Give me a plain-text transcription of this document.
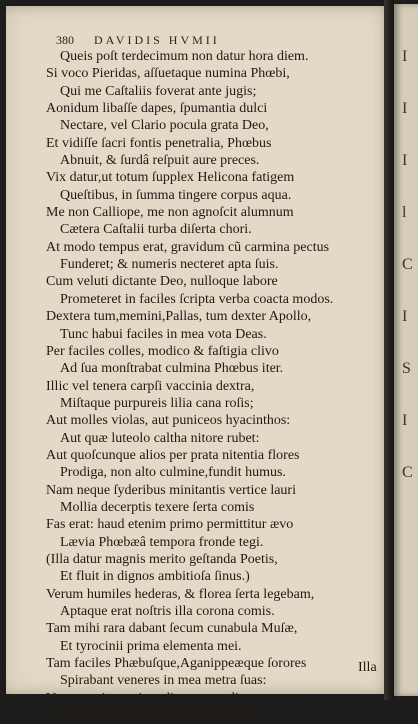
380 DAVIDIS HVMII
Queis poſt terdecimum non datur hora diem.
Si voco Pieridas, aſſuetaque numina Phœbi,
Qui me Caſtaliis foverat ante jugis;
Aonidum libaſſe dapes, ſpumantia dulci
Nectare, vel Clario pocula grata Deo,
Et vidiſſe ſacri fontis penetralia, Phœbus
Abnuit, & ſurdâ reſpuit aure preces.
Vix datur,ut totum ſupplex Helicona fatigem
Queſtibus, in ſumma tingere corpus aqua.
Me non Calliope, me non agnoſcit alumnum
Cætera Caſtalii turba diſerta chori.
At modo tempus erat, gravidum cũ carmina pectus
Funderet; & numeris necteret apta ſuis.
Cum veluti dictante Deo, nulloque labore
Prometeret in faciles ſcripta verba coacta modos.
Dextera tum,memini,Pallas, tum dexter Apollo,
Tunc habui faciles in mea vota Deas.
Per faciles colles, modico & faſtigia clivo
Ad ſua monſtrabat culmina Phœbus iter.
Illic vel tenera carpſi vaccinia dextra,
Miſtaque purpureis lilia cana roſis;
Aut molles violas, aut puniceos hyacinthos:
Aut quæ luteolo caltha nitore rubet:
Aut quoſcunque alios per prata nitentia flores
Prodiga, non alto culmine,fundit humus.
Nam neque ſyderibus minitantis vertice lauri
Mollia decerptis texere ſerta comis
Fas erat: haud etenim primo permittitur ævo
Lævia Phœbæâ tempora fronde tegi.
(Illa datur magnis merito geſtanda Poetis,
Et fluit in dignos ambitioſa ſinus.)
Verum humiles hederas, & florea ſerta legebam,
Aptaque erat noſtris illa corona comis.
Tam mihi rara dabant ſecum cunabula Muſæ,
Et tyrocinii prima elementa mei.
Tam faciles Phæbuſque,Aganippeæque ſorores
Spirabant veneres in mea metra ſuas:
Vt quamvis tenui meditarer arundine carmen,
Et foret argutæ neſcia dextra lyræ:
Illa
I
I
I
l
C
I
S
I
C
